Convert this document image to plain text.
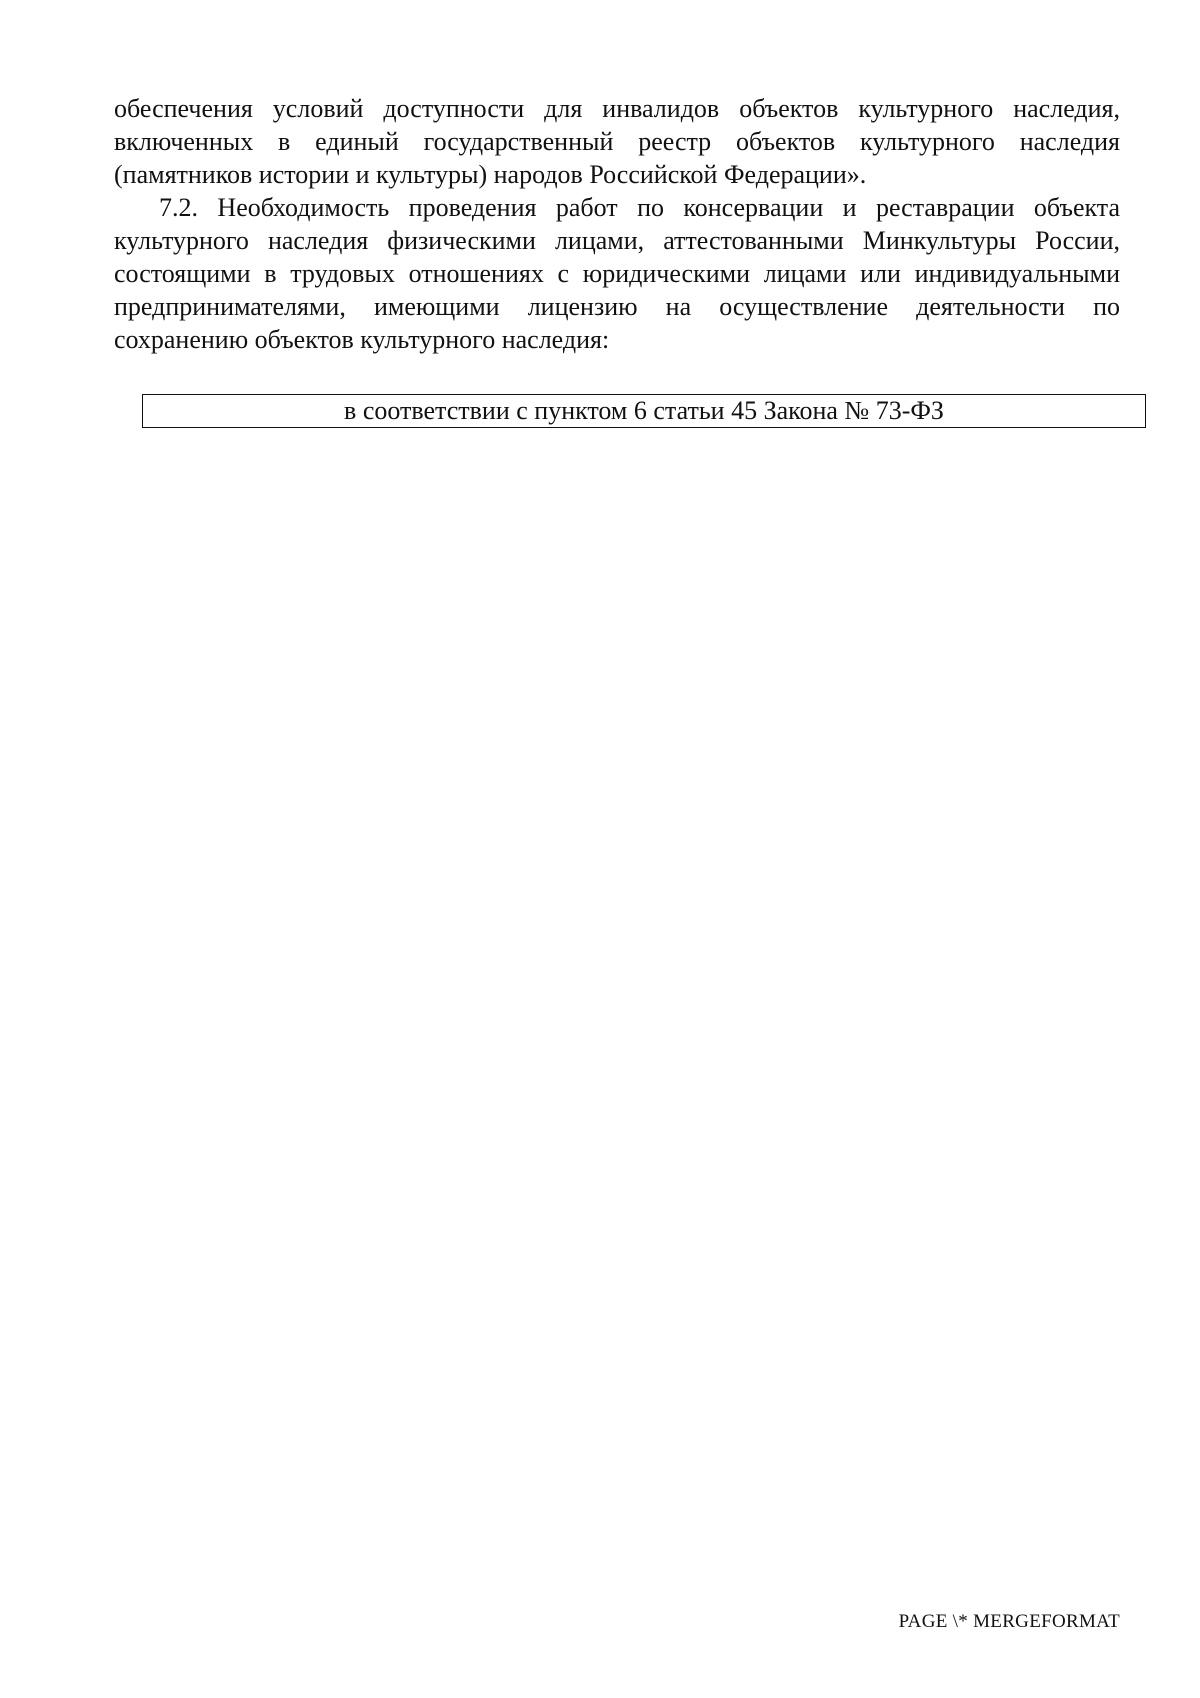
обеспечения условий доступности для инвалидов объектов культурного наследия, включенных в единый государственный реестр объектов культурного наследия (памятников истории и культуры) народов Российской Федерации».

7.2. Необходимость проведения работ по консервации и реставрации объекта культурного наследия физическими лицами, аттестованными Минкультуры России, состоящими в трудовых отношениях с юридическими лицами или индивидуальными предпринимателями, имеющими лицензию на осуществление деятельности по сохранению объектов культурного наследия:

в соответствии с пунктом 6 статьи 45 Закона № 73-ФЗ
PAGE \* MERGEFORMAT
